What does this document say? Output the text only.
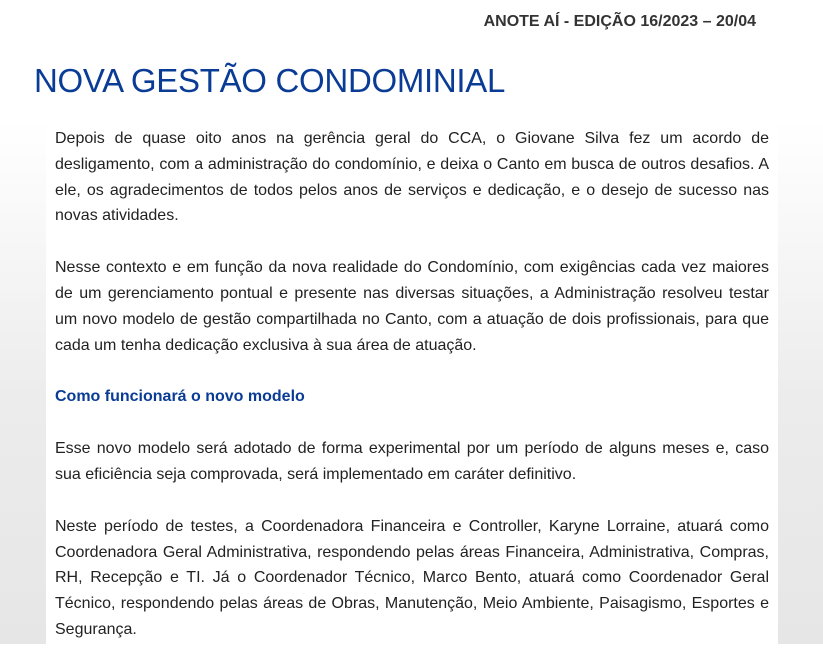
ANOTE AÍ - EDIÇÃO 16/2023 – 20/04
NOVA GESTÃO CONDOMINIAL

Depois de quase oito anos na gerência geral do CCA, o Giovane Silva fez um acordo de desligamento, com a administração do condomínio, e deixa o Canto em busca de outros desafios. A ele, os agradecimentos de todos pelos anos de serviços e dedicação, e o desejo de sucesso nas novas atividades.

Nesse contexto e em função da nova realidade do Condomínio, com exigências cada vez maiores de um gerenciamento pontual e presente nas diversas situações, a Administração resolveu testar um novo modelo de gestão compartilhada no Canto, com a atuação de dois profissionais, para que cada um tenha dedicação exclusiva à sua área de atuação.

Como funcionará o novo modelo

Esse novo modelo será adotado de forma experimental por um período de alguns meses e, caso sua eficiência seja comprovada, será implementado em caráter definitivo.

Neste período de testes, a Coordenadora Financeira e Controller, Karyne Lorraine, atuará como Coordenadora Geral Administrativa, respondendo pelas áreas Financeira, Administrativa, Compras, RH, Recepção e TI. Já o Coordenador Técnico, Marco Bento, atuará como Coordenador Geral Técnico, respondendo pelas áreas de Obras, Manutenção, Meio Ambiente, Paisagismo, Esportes e Segurança.
